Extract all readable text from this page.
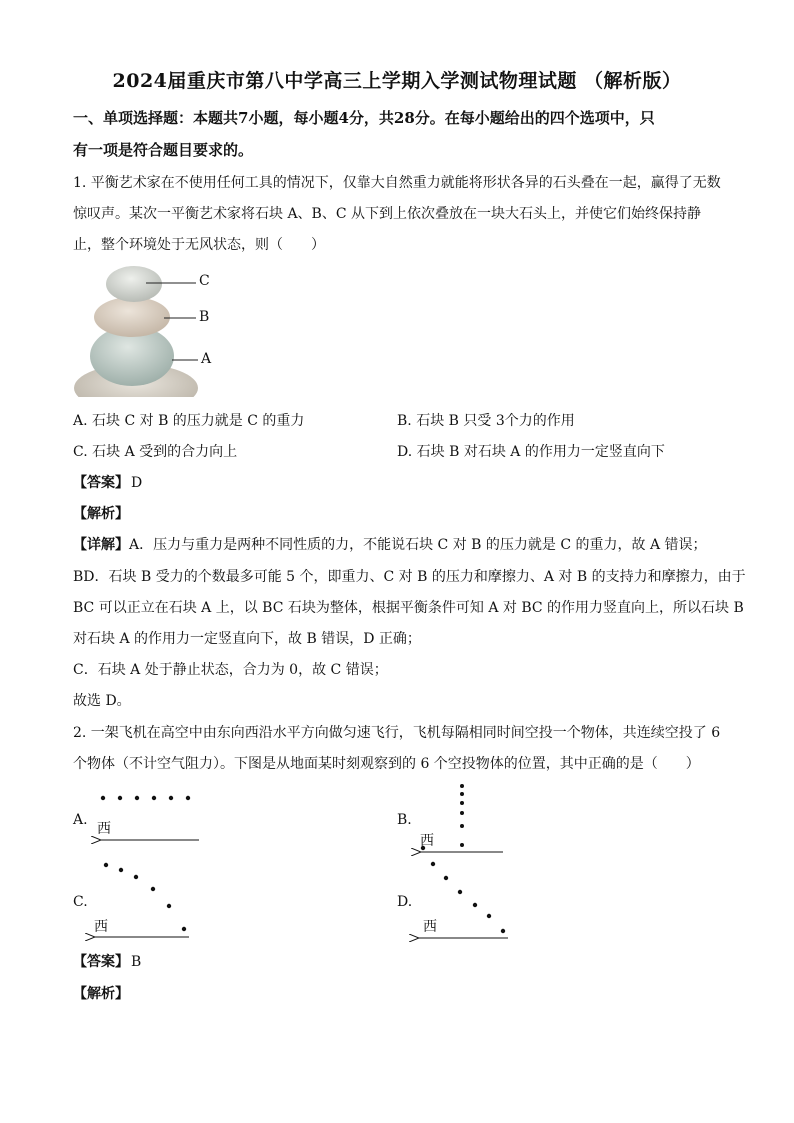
2024届重庆市第八中学高三上学期入学测试物理试题 （解析版）
一、单项选择题：本题共7小题，每小题4分，共28分。在每小题给出的四个选项中，只
有一项是符合题目要求的。
1. 平衡艺术家在不使用任何工具的情况下，仅靠大自然重力就能将形状各异的石头叠在一起，赢得了无数
惊叹声。某次一平衡艺术家将石块 A、B、C 从下到上依次叠放在一块大石头上，并使它们始终保持静
止，整个环境处于无风状态，则（　　）
C
B
A
A. 石块 C 对 B 的压力就是 C 的重力	B. 石块 B 只受 3个力的作用
C. 石块 A 受到的合力向上	D. 石块 B 对石块 A 的作用力一定竖直向下
【答案】 D
【解析】
【详解】A．压力与重力是两种不同性质的力，不能说石块 C 对 B 的压力就是 C 的重力，故 A 错误；
BD．石块 B 受力的个数最多可能 5 个，即重力、C 对 B 的压力和摩擦力、A 对 B 的支持力和摩擦力，由于
BC 可以正立在石块 A 上，以 BC 石块为整体，根据平衡条件可知 A 对 BC 的作用力竖直向上，所以石块 B
对石块 A 的作用力一定竖直向下，故 B 错误，D 正确；
C．石块 A 处于静止状态，合力为 0，故 C 错误；
故选 D。
2. 一架飞机在高空中由东向西沿水平方向做匀速飞行，飞机每隔相同时间空投一个物体，共连续空投了 6
个物体（不计空气阻力）。下图是从地面某时刻观察到的 6 个空投物体的位置，其中正确的是（　　）
A.	B.
C.	D.
西
西
西	西
【答案】 B
【解析】
